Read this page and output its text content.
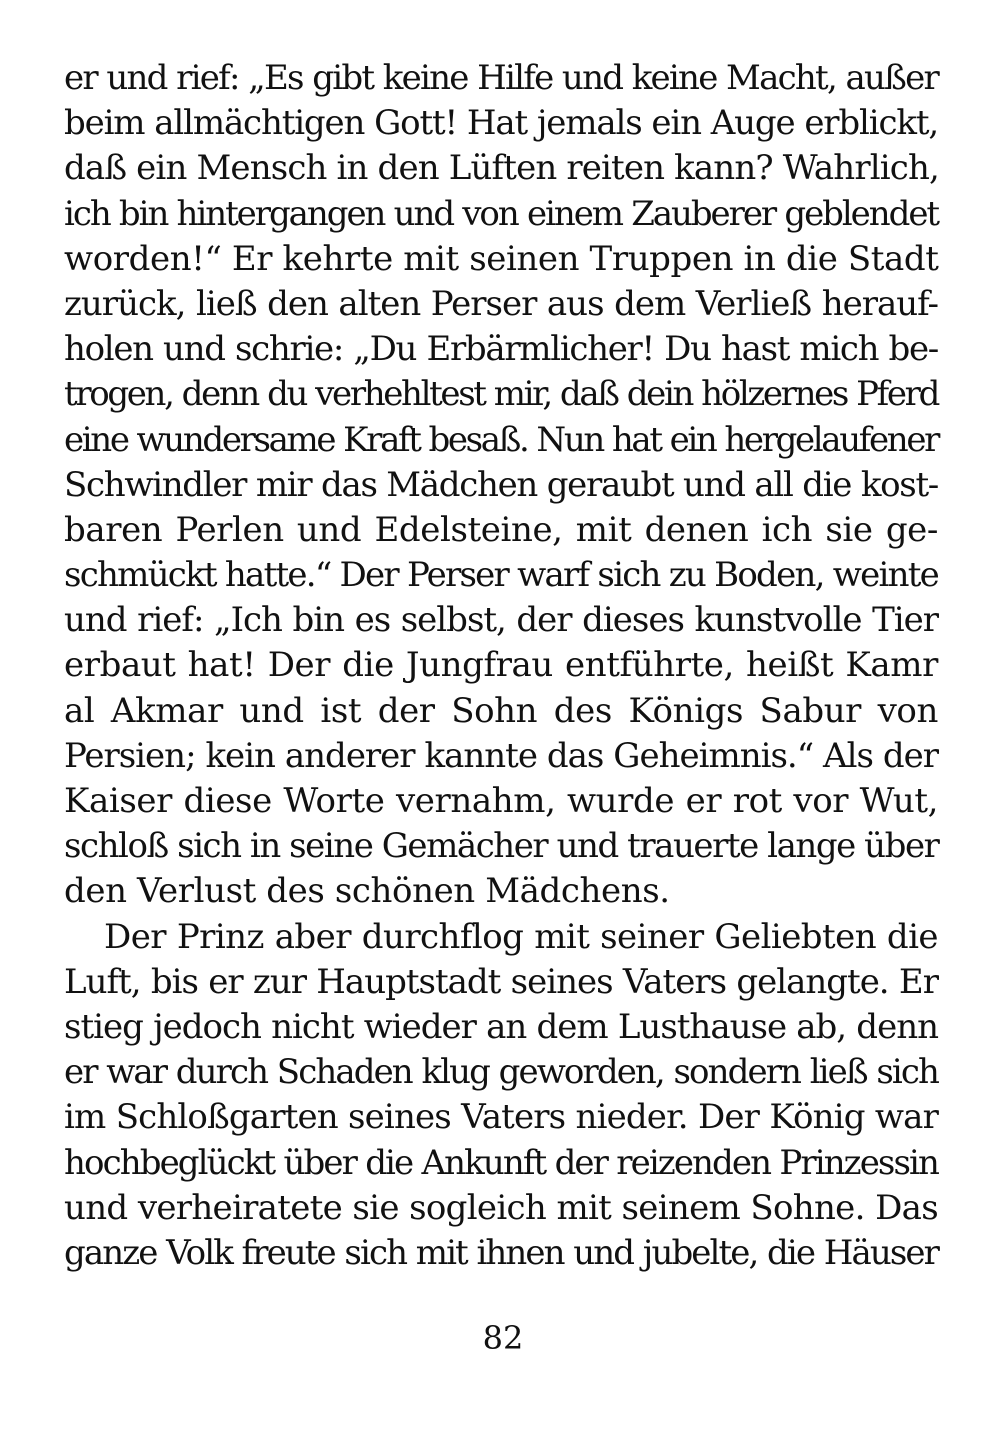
er und rief: „Es gibt keine Hilfe und keine Macht, außer
beim allmächtigen Gott! Hat jemals ein Auge erblickt,
daß ein Mensch in den Lüften reiten kann? Wahrlich,
ich bin hintergangen und von einem Zauberer geblendet
worden!“ Er kehrte mit seinen Truppen in die Stadt
zurück, ließ den alten Perser aus dem Verließ herauf-
holen und schrie: „Du Erbärmlicher! Du hast mich be-
trogen, denn du verhehltest mir, daß dein hölzernes Pferd
eine wundersame Kraft besaß. Nun hat ein hergelaufener
Schwindler mir das Mädchen geraubt und all die kost-
baren Perlen und Edelsteine, mit denen ich sie ge-
schmückt hatte.“ Der Perser warf sich zu Boden, weinte
und rief: „Ich bin es selbst, der dieses kunstvolle Tier
erbaut hat! Der die Jungfrau entführte, heißt Kamr
al Akmar und ist der Sohn des Königs Sabur von
Persien; kein anderer kannte das Geheimnis.“ Als der
Kaiser diese Worte vernahm, wurde er rot vor Wut,
schloß sich in seine Gemächer und trauerte lange über
den Verlust des schönen Mädchens.
Der Prinz aber durchflog mit seiner Geliebten die
Luft, bis er zur Hauptstadt seines Vaters gelangte. Er
stieg jedoch nicht wieder an dem Lusthause ab, denn
er war durch Schaden klug geworden, sondern ließ sich
im Schloßgarten seines Vaters nieder. Der König war
hochbeglückt über die Ankunft der reizenden Prinzessin
und verheiratete sie sogleich mit seinem Sohne. Das
ganze Volk freute sich mit ihnen und jubelte, die Häuser
82
